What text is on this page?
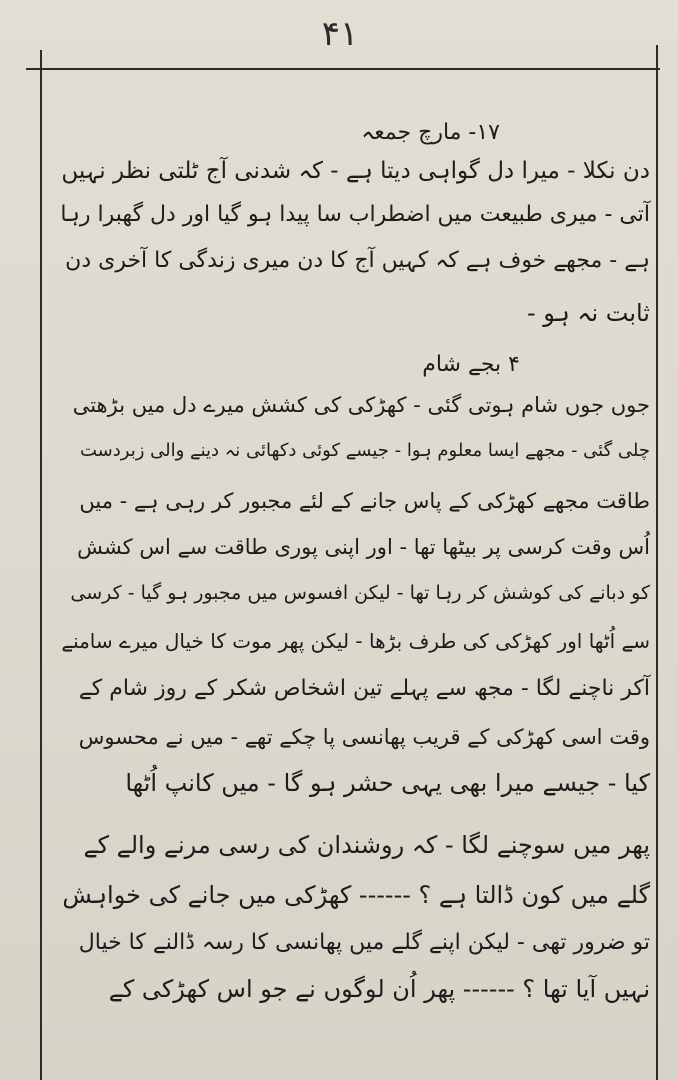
۴۱
۱۷- مارچ جمعہ
دن نکلا - میرا دل گواہی دیتا ہے - کہ شدنی آج ٹلتی نظر نہیں
آتی - میری طبیعت میں اضطراب سا پیدا ہو گیا اور دل گھبرا رہا
ہے - مجھے خوف ہے کہ کہیں آج کا دن میری زندگی کا آخری دن
ثابت نہ ہو -
۴ بجے شام
جوں جوں شام ہوتی گئی - کھڑکی کی کشش میرے دل میں بڑھتی
چلی گئی - مجھے ایسا معلوم ہوا - جیسے کوئی دکھائی نہ دینے والی زبردست
طاقت مجھے کھڑکی کے پاس جانے کے لئے مجبور کر رہی ہے - میں
اُس وقت کرسی پر بیٹھا تھا - اور اپنی پوری طاقت سے اس کشش
کو دبانے کی کوشش کر رہا تھا - لیکن افسوس میں مجبور ہو گیا - کرسی
سے اُٹھا اور کھڑکی کی طرف بڑھا - لیکن پھر موت کا خیال میرے سامنے
آکر ناچنے لگا - مجھ سے پہلے تین اشخاص شکر کے روز شام کے
وقت اسی کھڑکی کے قریب پھانسی پا چکے تھے - میں نے محسوس
کیا - جیسے میرا بھی یہی حشر ہو گا - میں کانپ اُٹھا
پھر میں سوچنے لگا - کہ روشندان کی رسی مرنے والے کے
گلے میں کون ڈالتا ہے ؟ ------ کھڑکی میں جانے کی خواہش
تو ضرور تھی - لیکن اپنے گلے میں پھانسی کا رسہ ڈالنے کا خیال
نہیں آیا تھا ؟ ------ پھر اُن لوگوں نے جو اس کھڑکی کے
